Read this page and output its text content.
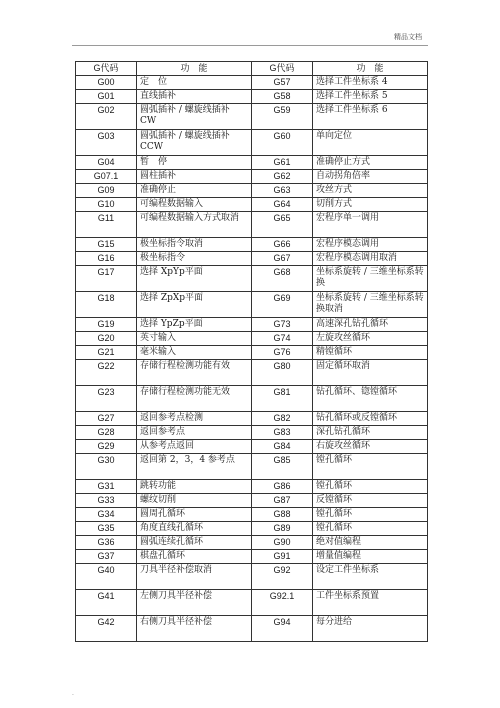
精品文档
G代码	功　能	G代码	功　能
G00	定　位	G57	选择工件坐标系 4
G01	直线插补	G58	选择工件坐标系 5
G02	圆弧插补 / 螺旋线插补 CW	G59	选择工件坐标系 6
G03	圆弧插补 / 螺旋线插补 CCW	G60	单向定位
G04	暂　停	G61	准确停止方式
G07.1	圆柱插补	G62	自动拐角倍率
G09	准确停止	G63	攻丝方式
G10	可编程数据输入	G64	切削方式
G11	可编程数据输入方式取消	G65	宏程序单一调用
G15	极坐标指令取消	G66	宏程序模态调用
G16	极坐标指令	G67	宏程序模态调用取消
G17	选择 XpYp平面	G68	坐标系旋转 / 三维坐标系转换
G18	选择 ZpXp平面	G69	坐标系旋转 / 三维坐标系转换取消
G19	选择 YpZp平面	G73	高速深孔钻孔循环
G20	英寸输入	G74	左旋攻丝循环
G21	毫米输入	G76	精镗循环
G22	存储行程检测功能有效	G80	固定循环取消
G23	存储行程检测功能无效	G81	钻孔循环、锪镗循环
G27	返回参考点检测	G82	钻孔循环或反镗循环
G28	返回参考点	G83	深孔钻孔循环
G29	从参考点返回	G84	右旋攻丝循环
G30	返回第 2，3，4 参考点	G85	镗孔循环
G31	跳转功能	G86	镗孔循环
G33	螺纹切削	G87	反镗循环
G34	圆周孔循环	G88	镗孔循环
G35	角度直线孔循环	G89	镗孔循环
G36	圆弧连续孔循环	G90	绝对值编程
G37	棋盘孔循环	G91	增量值编程
G40	刀具半径补偿取消	G92	设定工件坐标系
G41	左侧刀具半径补偿	G92.1	工件坐标系预置
G42	右侧刀具半径补偿	G94	每分进给
.
